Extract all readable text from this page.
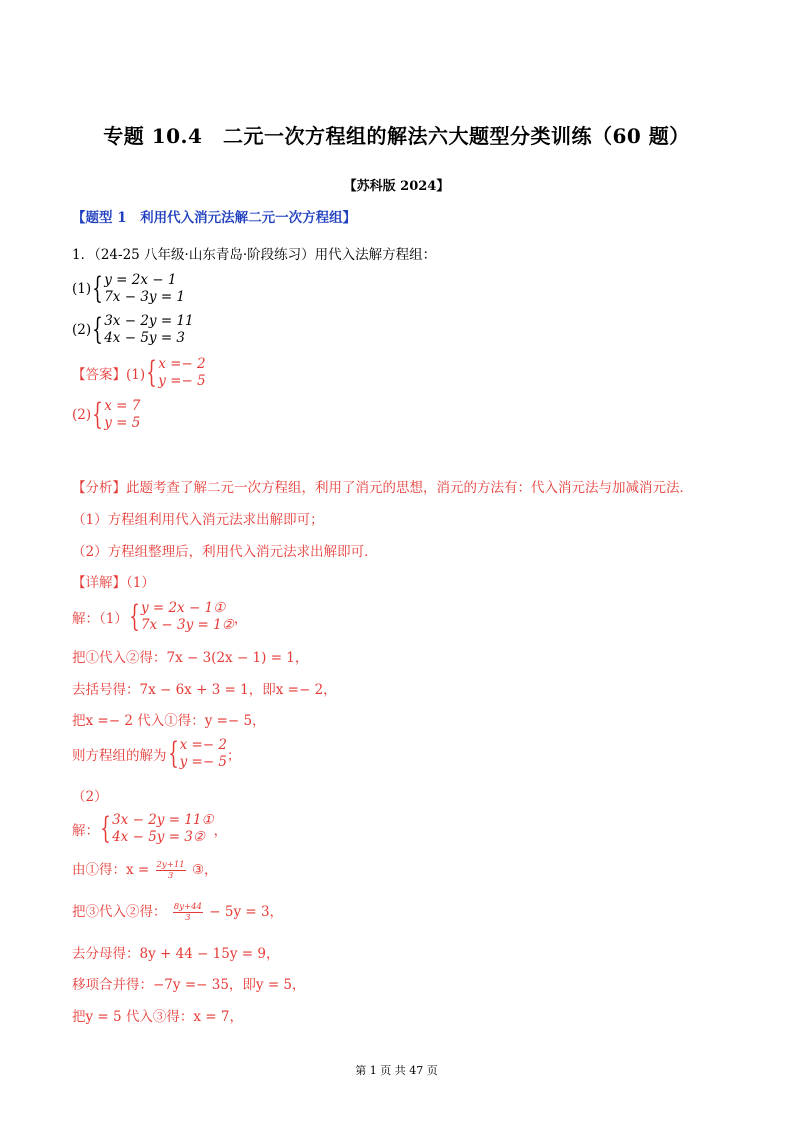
专题 10.4　二元一次方程组的解法六大题型分类训练（60 题）
【苏科版 2024】
【题型 1　利用代入消元法解二元一次方程组】
1．（24-25 八年级·山东青岛·阶段练习）用代入法解方程组：
(1) { y = 2x − 1
7x − 3y = 1
(2) { 3x − 2y = 11
4x − 5y = 3
【答案】(1) { x =− 2
y =− 5
(2) { x = 7
y = 5
【分析】此题考查了解二元一次方程组，利用了消元的思想，消元的方法有：代入消元法与加减消元法．
（1）方程组利用代入消元法求出解即可；
（2）方程组整理后，利用代入消元法求出解即可．
【详解】（1）
解：（1） { y = 2x − 1①
7x − 3y = 1② ，
把①代入②得：7x − 3(2x − 1) = 1，
去括号得：7x − 6x + 3 = 1，即x =− 2，
把x =− 2 代入①得：y =− 5，
则方程组的解为 { x =− 2
y =− 5 ；
（2）
解： { 3x − 2y = 11①
4x − 5y = 3② ，
由①得：$x = \frac{2y+11}{3}$ ③，
把③代入②得： $\frac{8y+44}{3} - 5y = 3$，
去分母得：8y + 44 − 15y = 9，
移项合并得：−7y =− 35，即y = 5，
把y = 5 代入③得：x = 7，
第 1 页 共 47 页
